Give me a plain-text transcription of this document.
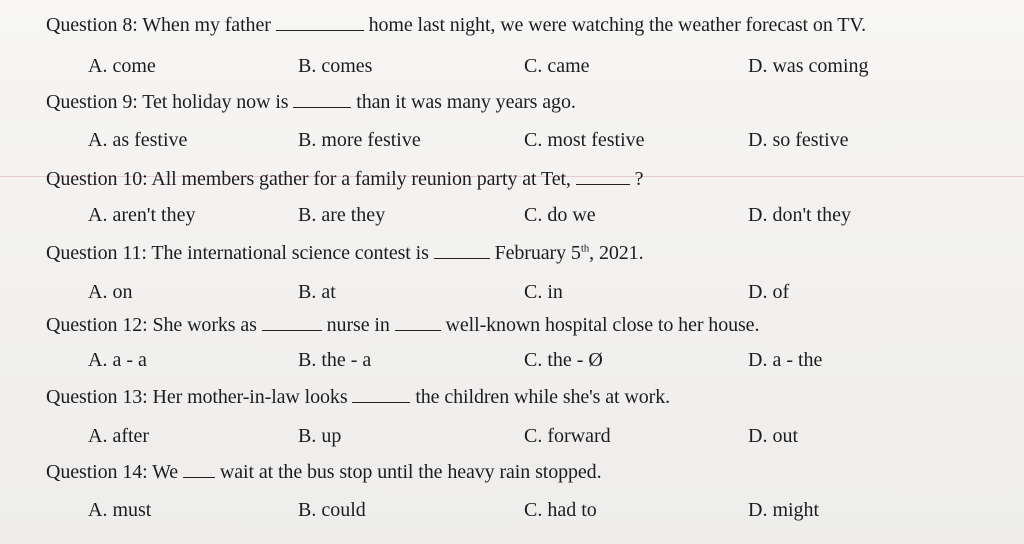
Question 8: When my father	home last night, we were watching the weather forecast on TV.
A. come	B. comes	C. came	D. was coming
Question 9: Tet holiday now is	than it was many years ago.
A. as festive	B. more festive	C. most festive	D. so festive
Question 10: All members gather for a family reunion party at Tet,	?
A. aren't they	B. are they	C. do we	D. don't they
Question 11: The international science contest is	February 5th, 2021.
A. on	B. at	C. in	D. of
Question 12: She works as	nurse in	well-known hospital close to her house.
A. a - a	B. the - a	C. the - Ø	D. a - the
Question 13: Her mother-in-law looks	the children while she's at work.
A. after	B. up	C. forward	D. out
Question 14: We wait at the bus stop until the heavy rain stopped.
A. must	B. could	C. had to	D. might
